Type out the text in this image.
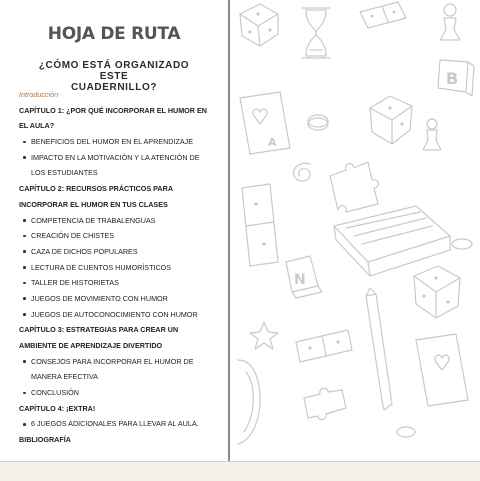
HOJA DE RUTA
¿CÓMO ESTÁ ORGANIZADO ESTE
CUADERNILLO?
Introducción
CAPÍTULO 1: ¿POR QUÉ INCORPORAR EL HUMOR EN
EL AULA?
BENEFICIOS DEL HUMOR EN EL APRENDIZAJE
IMPACTO EN LA MOTIVACIÓN Y LA ATENCIÓN DE
LOS ESTUDIANTES
CAPÍTULO 2: RECURSOS PRÁCTICOS PARA
INCORPORAR EL HUMOR EN TUS CLASES
COMPETENCIA DE TRABALENGUAS
CREACIÓN DE CHISTES
CAZA DE DICHOS POPULARES
LECTURA DE CUENTOS HUMORÍSTICOS
TALLER DE HISTORIETAS
JUEGOS DE MOVIMIENTO CON HUMOR
JUEGOS DE AUTOCONOCIMIENTO CON HUMOR
CAPÍTULO 3: ESTRATEGIAS PARA CREAR UN
AMBIENTE DE APRENDIZAJE DIVERTIDO
CONSEJOS PARA INCORPORAR EL HUMOR DE
MANERA EFECTIVA
CONCLUSIÓN
CAPÍTULO 4: ¡EXTRA!
6 JUEGOS ADICIONALES PARA LLEVAR AL AULA.
BIBLIOGRAFÍA
B
A
N
